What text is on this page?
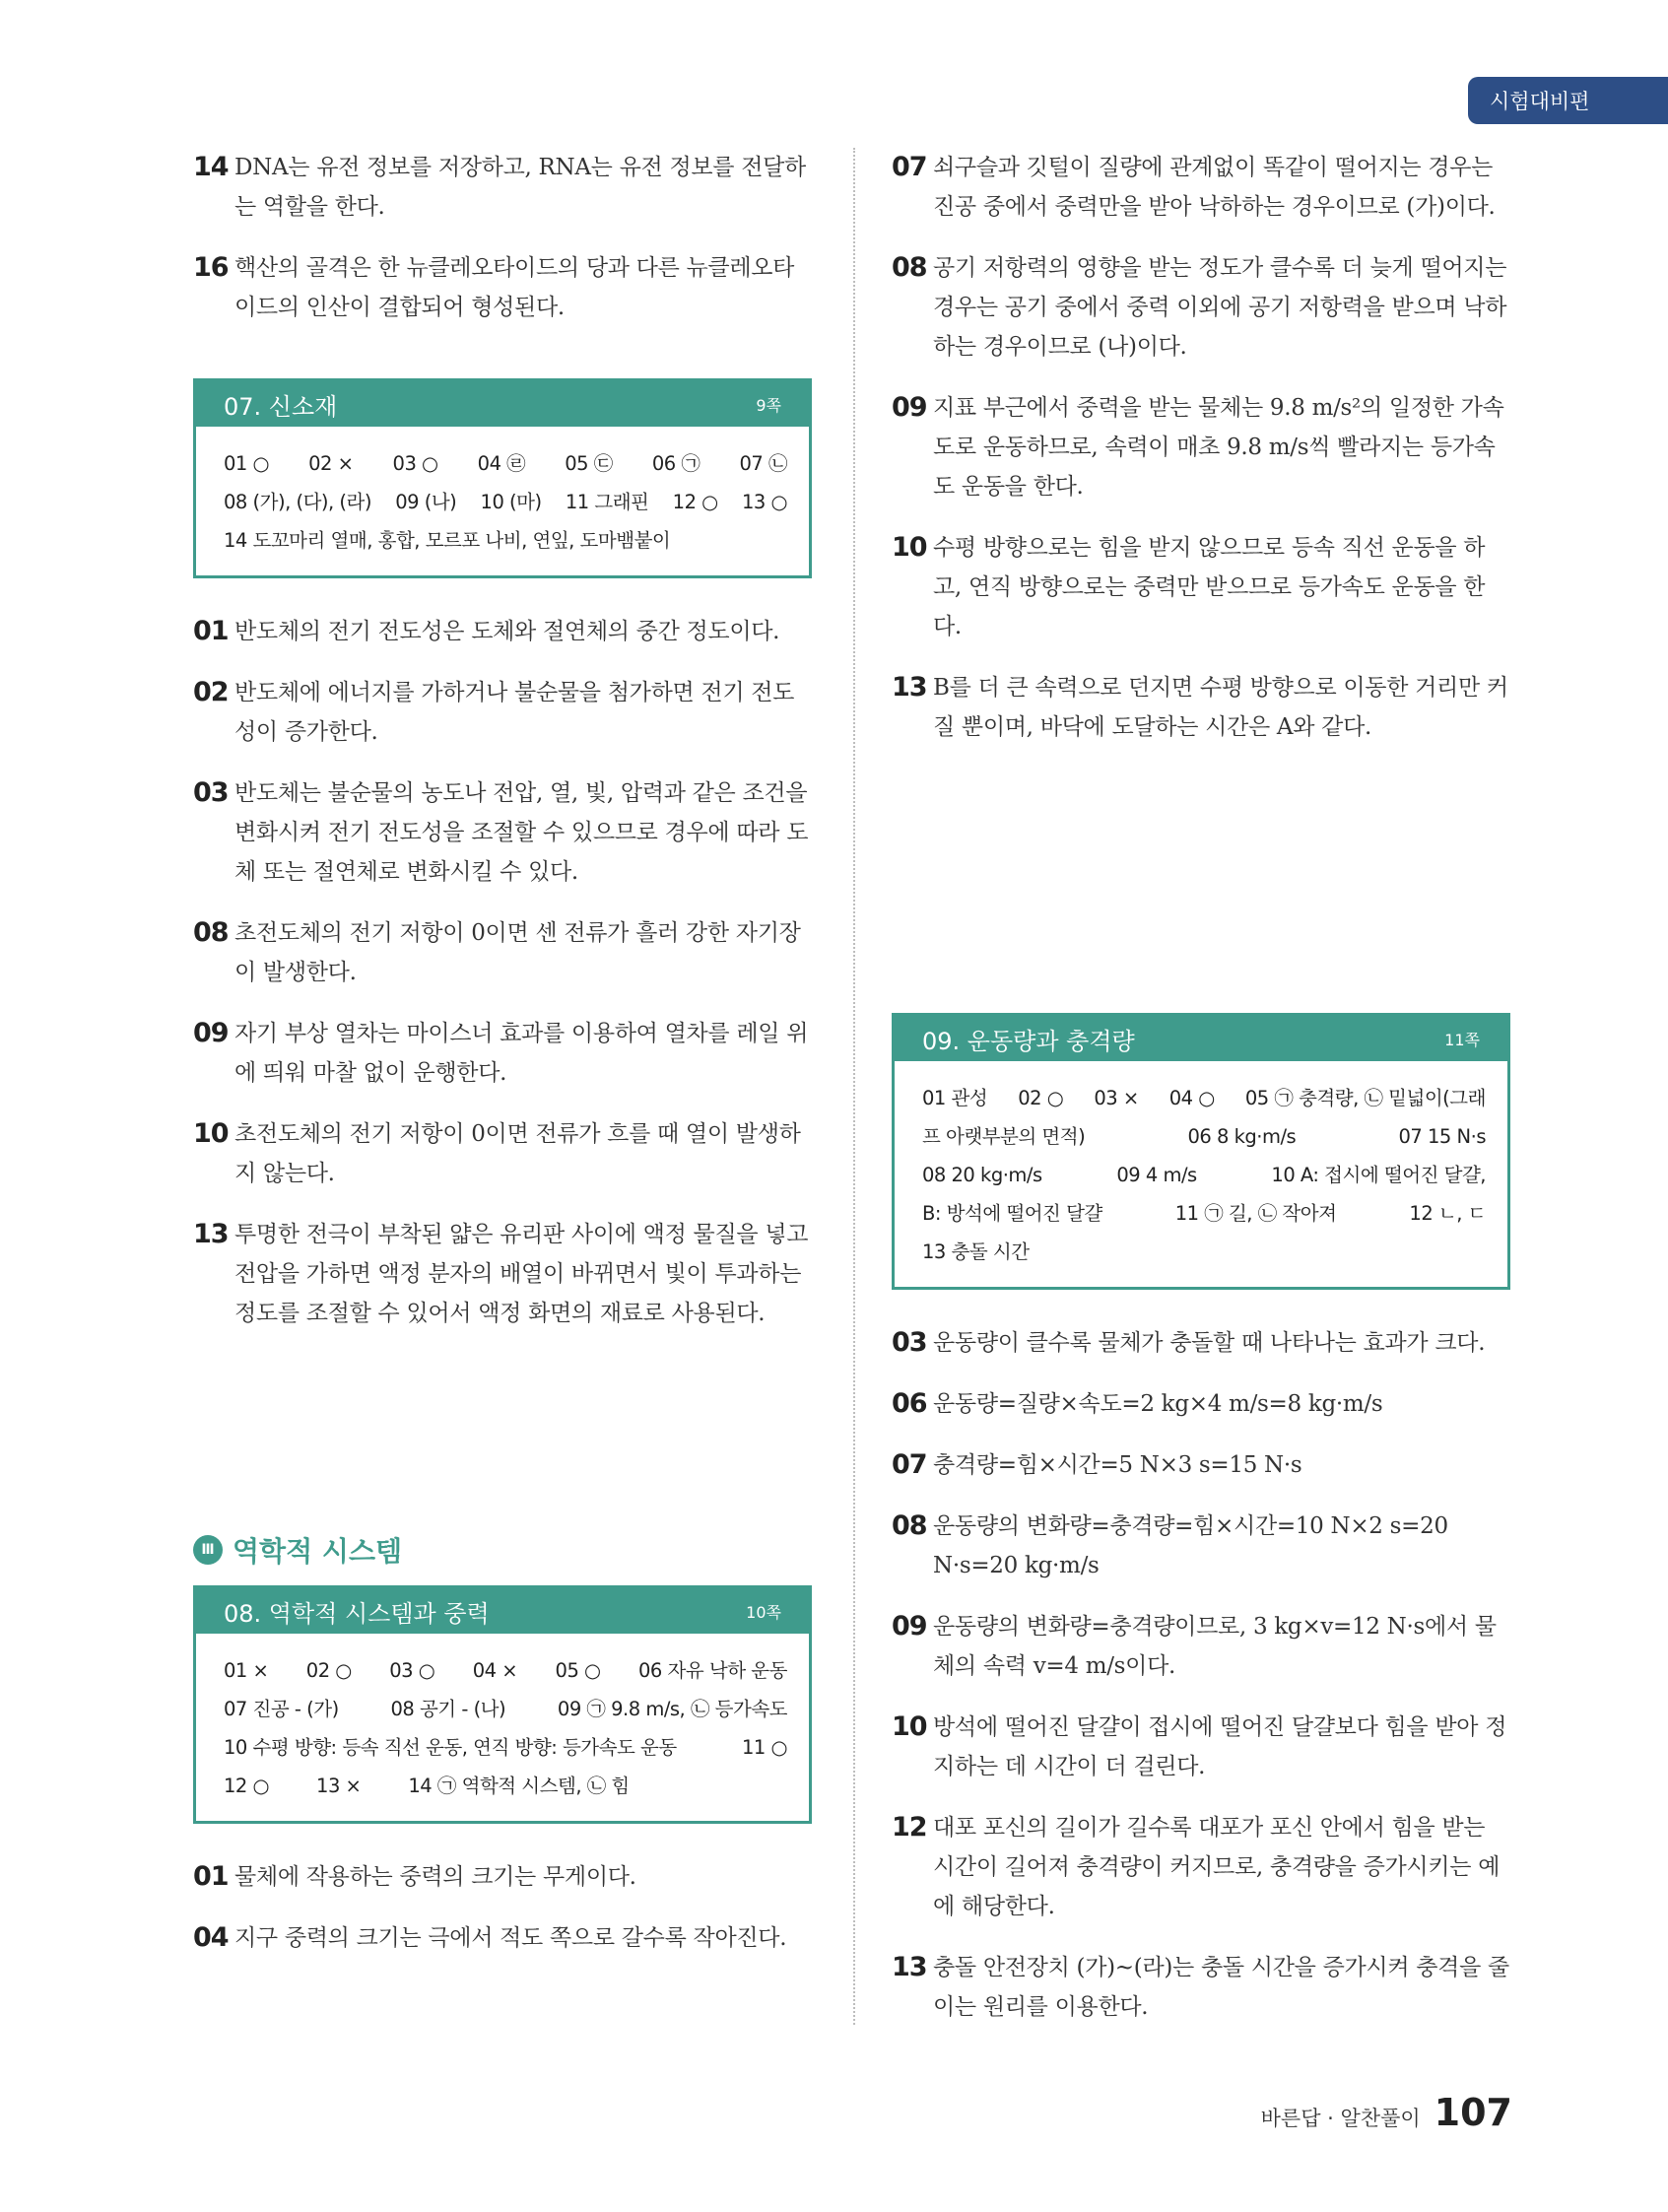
시험대비편
14 DNA는 유전 정보를 저장하고, RNA는 유전 정보를 전달하는 역할을 한다.
16 핵산의 골격은 한 뉴클레오타이드의 당과 다른 뉴클레오타이드의 인산이 결합되어 형성된다.
07. 신소재	9쪽
01 ○ 02 × 03 ○ 04 ㉣ 05 ㉢ 06 ㉠ 07 ㉡
08 (가), (다), (라) 09 (나) 10 (마) 11 그래핀 12 ○ 13 ○
14 도꼬마리 열매, 홍합, 모르포 나비, 연잎, 도마뱀붙이
01 반도체의 전기 전도성은 도체와 절연체의 중간 정도이다.
02 반도체에 에너지를 가하거나 불순물을 첨가하면 전기 전도성이 증가한다.
03 반도체는 불순물의 농도나 전압, 열, 빛, 압력과 같은 조건을 변화시켜 전기 전도성을 조절할 수 있으므로 경우에 따라 도체 또는 절연체로 변화시킬 수 있다.
08 초전도체의 전기 저항이 0이면 센 전류가 흘러 강한 자기장이 발생한다.
09 자기 부상 열차는 마이스너 효과를 이용하여 열차를 레일 위에 띄워 마찰 없이 운행한다.
10 초전도체의 전기 저항이 0이면 전류가 흐를 때 열이 발생하지 않는다.
13 투명한 전극이 부착된 얇은 유리판 사이에 액정 물질을 넣고 전압을 가하면 액정 분자의 배열이 바뀌면서 빛이 투과하는 정도를 조절할 수 있어서 액정 화면의 재료로 사용된다.
Ⅲ 역학적 시스템
08. 역학적 시스템과 중력	10쪽
01 × 02 ○ 03 ○ 04 × 05 ○ 06 자유 낙하 운동
07 진공 - (가)	08 공기 - (나)	09 ㉠ 9.8 m/s, ㉡ 등가속도
10 수평 방향: 등속 직선 운동, 연직 방향: 등가속도 운동	11 ○
12 ○ 13 × 14 ㉠ 역학적 시스템, ㉡ 힘
01 물체에 작용하는 중력의 크기는 무게이다.
04 지구 중력의 크기는 극에서 적도 쪽으로 갈수록 작아진다.
07 쇠구슬과 깃털이 질량에 관계없이 똑같이 떨어지는 경우는 진공 중에서 중력만을 받아 낙하하는 경우이므로 (가)이다.
08 공기 저항력의 영향을 받는 정도가 클수록 더 늦게 떨어지는 경우는 공기 중에서 중력 이외에 공기 저항력을 받으며 낙하하는 경우이므로 (나)이다.
09 지표 부근에서 중력을 받는 물체는 9.8 m/s²의 일정한 가속도로 운동하므로, 속력이 매초 9.8 m/s씩 빨라지는 등가속도 운동을 한다.
10 수평 방향으로는 힘을 받지 않으므로 등속 직선 운동을 하고, 연직 방향으로는 중력만 받으므로 등가속도 운동을 한다.
13 B를 더 큰 속력으로 던지면 수평 방향으로 이동한 거리만 커질 뿐이며, 바닥에 도달하는 시간은 A와 같다.
09. 운동량과 충격량	11쪽
01 관성 02 ○ 03 × 04 ○ 05 ㉠ 충격량, ㉡ 밑넓이(그래
프 아랫부분의 면적)	06 8 kg·m/s	07 15 N·s
08 20 kg·m/s	09 4 m/s	10 A: 접시에 떨어진 달걀,
B: 방석에 떨어진 달걀	11 ㉠ 길, ㉡ 작아져	12 ㄴ, ㄷ
13 충돌 시간
03 운동량이 클수록 물체가 충돌할 때 나타나는 효과가 크다.
06 운동량=질량×속도=2 kg×4 m/s=8 kg·m/s
07 충격량=힘×시간=5 N×3 s=15 N·s
08 운동량의 변화량=충격량=힘×시간=10 N×2 s=20 N·s=20 kg·m/s
09 운동량의 변화량=충격량이므로, 3 kg×v=12 N·s에서 물체의 속력 v=4 m/s이다.
10 방석에 떨어진 달걀이 접시에 떨어진 달걀보다 힘을 받아 정지하는 데 시간이 더 걸린다.
12 대포 포신의 길이가 길수록 대포가 포신 안에서 힘을 받는 시간이 길어져 충격량이 커지므로, 충격량을 증가시키는 예에 해당한다.
13 충돌 안전장치 (가)~(라)는 충돌 시간을 증가시켜 충격을 줄이는 원리를 이용한다.
바른답 · 알찬풀이 107
